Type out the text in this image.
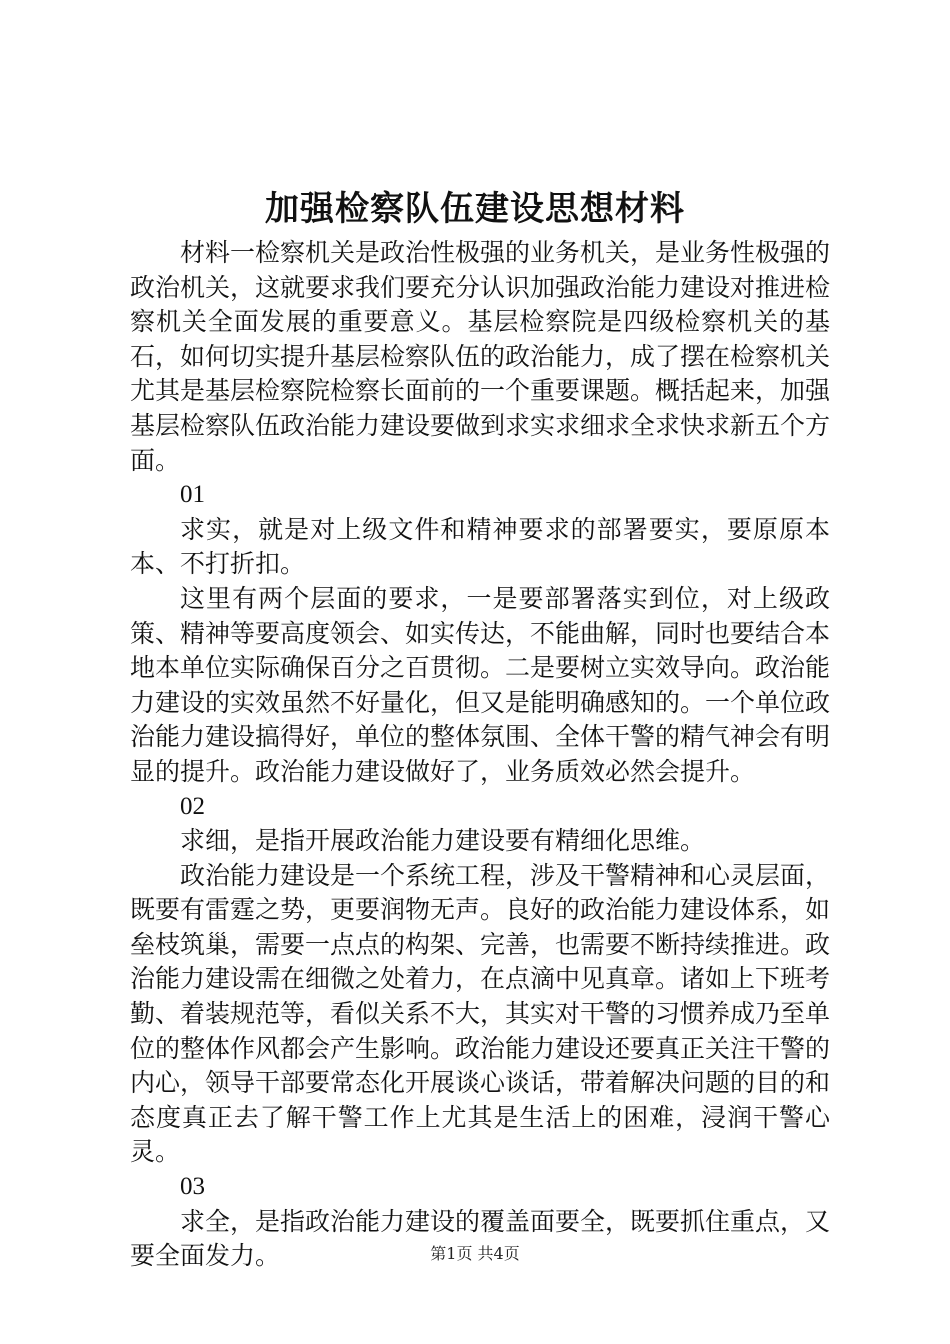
加强检察队伍建设思想材料

材料一检察机关是政治性极强的业务机关，是业务性极强的政治机关，这就要求我们要充分认识加强政治能力建设对推进检察机关全面发展的重要意义。基层检察院是四级检察机关的基石，如何切实提升基层检察队伍的政治能力，成了摆在检察机关尤其是基层检察院检察长面前的一个重要课题。概括起来，加强基层检察队伍政治能力建设要做到求实求细求全求快求新五个方面。

01

求实，就是对上级文件和精神要求的部署要实，要原原本本、不打折扣。

这里有两个层面的要求，一是要部署落实到位，对上级政策、精神等要高度领会、如实传达，不能曲解，同时也要结合本地本单位实际确保百分之百贯彻。二是要树立实效导向。政治能力建设的实效虽然不好量化，但又是能明确感知的。一个单位政治能力建设搞得好，单位的整体氛围、全体干警的精气神会有明显的提升。政治能力建设做好了，业务质效必然会提升。

02

求细，是指开展政治能力建设要有精细化思维。

政治能力建设是一个系统工程，涉及干警精神和心灵层面，既要有雷霆之势，更要润物无声。良好的政治能力建设体系，如垒枝筑巢，需要一点点的构架、完善，也需要不断持续推进。政治能力建设需在细微之处着力，在点滴中见真章。诸如上下班考勤、着装规范等，看似关系不大，其实对干警的习惯养成乃至单位的整体作风都会产生影响。政治能力建设还要真正关注干警的内心，领导干部要常态化开展谈心谈话，带着解决问题的目的和态度真正去了解干警工作上尤其是生活上的困难，浸润干警心灵。

03

求全，是指政治能力建设的覆盖面要全，既要抓住重点，又要全面发力。	第1页 共4页
